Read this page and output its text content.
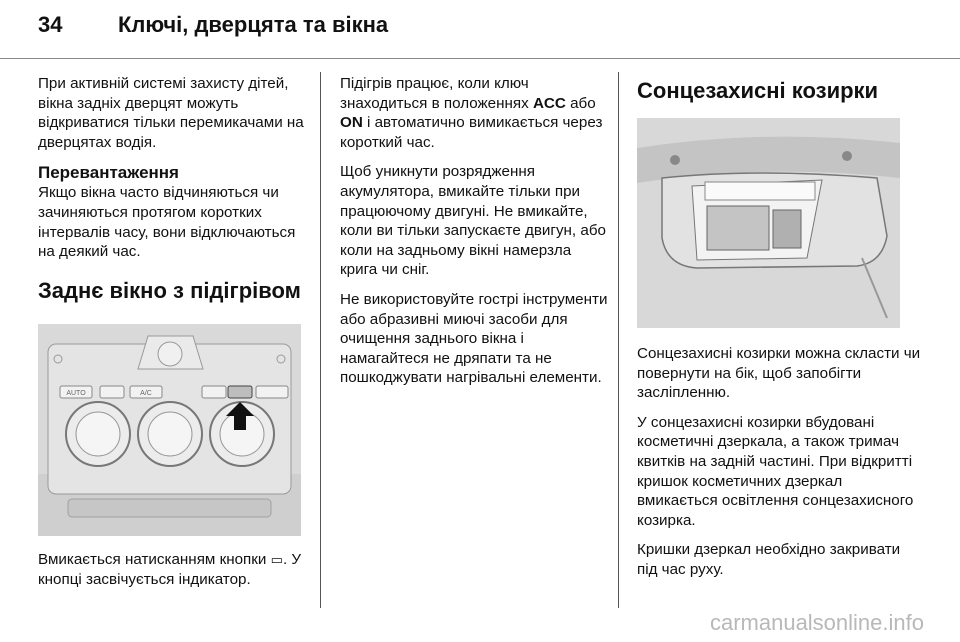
34	Ключі, дверцята та вікна

При активній системі захисту дітей, вікна задніх дверцят можуть відкриватися тільки перемикачами на дверцятах водія.

Перевантаження

Якщо вікна часто відчиняються чи зачиняються протягом коротких інтервалів часу, вони відключаються на деякий час.

Заднє вікно з підігрівом
AUTO	A/C

Вмикається натисканням кнопки ▭. У кнопці засвічується індикатор.

Підігрів працює, коли ключ знаходиться в положеннях ACC або ON і автоматично вимикається через короткий час.

Щоб уникнути розрядження акумулятора, вмикайте тільки при працюючому двигуні. Не вмикайте, коли ви тільки запускаєте двигун, або коли на задньому вікні намерзла крига чи сніг.

Не використовуйте гострі інструменти або абразивні миючі засоби для очищення заднього вікна і намагайтеся не дряпати та не пошкоджувати нагрівальні елементи.

Сонцезахисні козирки

Сонцезахисні козирки можна скласти чи повернути на бік, щоб запобігти засліпленню.

У сонцезахисні козирки вбудовані косметичні дзеркала, а також тримач квитків на задній частині. При відкритті кришок косметичних дзеркал вмикається освітлення сонцезахисного козирка.

Кришки дзеркал необхідно закривати під час руху.

carmanualsonline.info
